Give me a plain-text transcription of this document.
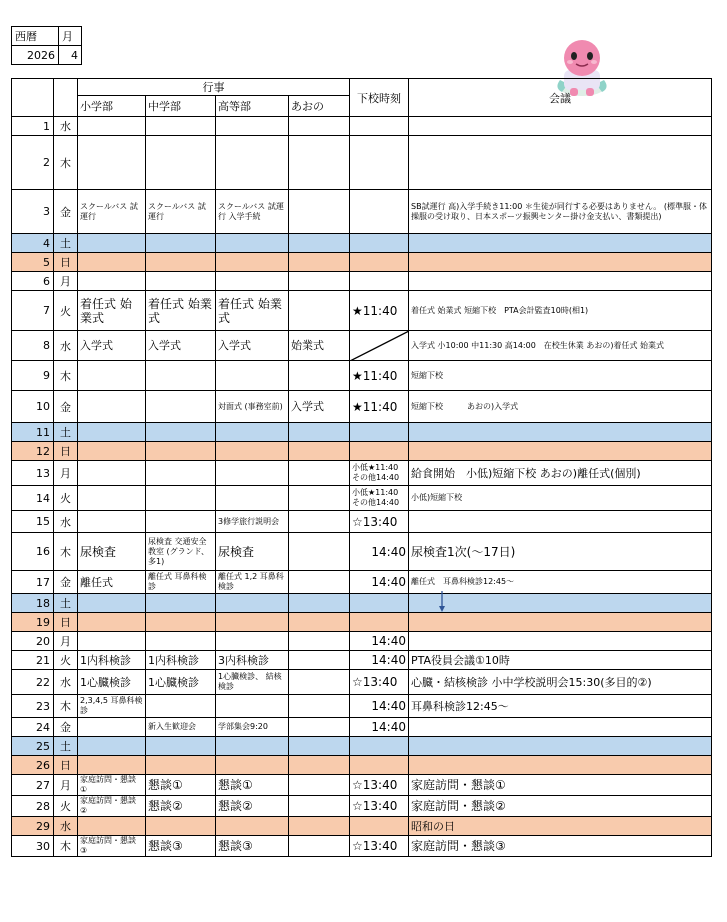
西暦	月
2026	4
		行事				下校時刻	会議
		小学部	中学部	高等部	あおの		
1	水						
2	木						
3	金	スクールバス 試運行	スクールバス 試運行	スクールバス 試運行 入学手続			SB試運行 高)入学手続き11:00 ＊生徒が同行する必要はありません。 (標準服・体操服の受け取り、日本スポーツ振興センター掛け金支払い、書類提出)
4	土						
5	日						
6	月						
7	火	着任式 始業式	着任式 始業式	着任式 始業式		★11:40	着任式 始業式 短縮下校　PTA会計監査10時(相1)
8	水	入学式	入学式	入学式	始業式		入学式 小10:00 中11:30 高14:00　在校生休業 あおの)着任式 始業式
9	木					★11:40	短縮下校
10	金			対面式 (事務室前)	入学式	★11:40	短縮下校　　　あおの)入学式
11	土						
12	日						
13	月					小低★11:40 その他14:40	給食開始　小低)短縮下校 あおの)離任式(個別)
14	火					小低★11:40 その他14:40	小低)短縮下校
15	水			3修学旅行説明会		☆13:40	
16	木	尿検査	尿検査 交通安全教室 (グランド、多1)	尿検査		14:40	尿検査1次(～17日)
17	金	離任式	離任式 耳鼻科検診	離任式 1,2 耳鼻科検診		14:40	離任式　耳鼻科検診12:45～
18	土						
19	日						
20	月					14:40	
21	火	1内科検診	1内科検診	3内科検診		14:40	PTA役員会議①10時
22	水	1心臓検診	1心臓検診	1心臓検診、 結核検診		☆13:40	心臓・結核検診 小中学校説明会15:30(多目的②)
23	木	2,3,4,5 耳鼻科検診				14:40	耳鼻科検診12:45～
24	金		新入生歓迎会	学部集会9:20		14:40	
25	土						
26	日						
27	月	家庭訪問・懇談①	懇談①	懇談①		☆13:40	家庭訪問・懇談①
28	火	家庭訪問・懇談②	懇談②	懇談②		☆13:40	家庭訪問・懇談②
29	水						昭和の日
30	木	家庭訪問・懇談③	懇談③	懇談③		☆13:40	家庭訪問・懇談③
